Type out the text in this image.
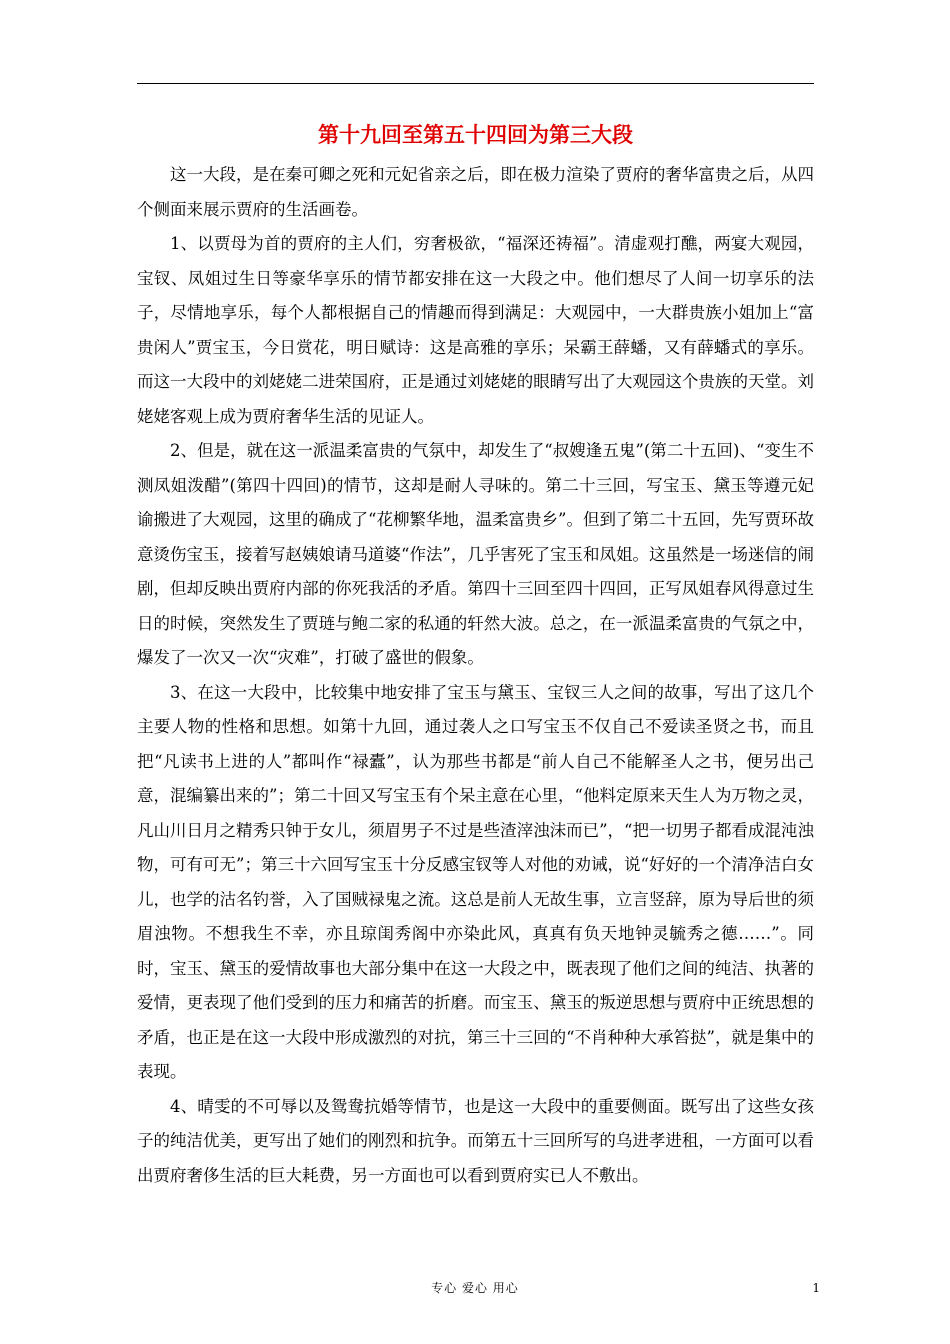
第十九回至第五十四回为第三大段

这一大段，是在秦可卿之死和元妃省亲之后，即在极力渲染了贾府的奢华富贵之后，从四个侧面来展示贾府的生活画卷。

1、以贾母为首的贾府的主人们，穷奢极欲，“福深还祷福”。清虚观打醮，两宴大观园，宝钗、凤姐过生日等豪华享乐的情节都安排在这一大段之中。他们想尽了人间一切享乐的法子，尽情地享乐，每个人都根据自己的情趣而得到满足：大观园中，一大群贵族小姐加上“富贵闲人”贾宝玉，今日赏花，明日赋诗：这是高雅的享乐；呆霸王薛蟠，又有薛蟠式的享乐。而这一大段中的刘姥姥二进荣国府，正是通过刘姥姥的眼睛写出了大观园这个贵族的天堂。刘姥姥客观上成为贾府奢华生活的见证人。

2、但是，就在这一派温柔富贵的气氛中，却发生了“叔嫂逢五鬼”(第二十五回)、“变生不测凤姐泼醋”(第四十四回)的情节，这却是耐人寻味的。第二十三回，写宝玉、黛玉等遵元妃谕搬进了大观园，这里的确成了“花柳繁华地，温柔富贵乡”。但到了第二十五回，先写贾环故意烫伤宝玉，接着写赵姨娘请马道婆“作法”，几乎害死了宝玉和凤姐。这虽然是一场迷信的闹剧，但却反映出贾府内部的你死我活的矛盾。第四十三回至四十四回，正写凤姐春风得意过生日的时候，突然发生了贾琏与鲍二家的私通的轩然大波。总之，在一派温柔富贵的气氛之中，爆发了一次又一次“灾难”，打破了盛世的假象。

3、在这一大段中，比较集中地安排了宝玉与黛玉、宝钗三人之间的故事，写出了这几个主要人物的性格和思想。如第十九回，通过袭人之口写宝玉不仅自己不爱读圣贤之书，而且把“凡读书上进的人”都叫作“禄蠹”，认为那些书都是“前人自己不能解圣人之书，便另出己意，混编纂出来的”；第二十回又写宝玉有个呆主意在心里，“他料定原来天生人为万物之灵，凡山川日月之精秀只钟于女儿，须眉男子不过是些渣滓浊沫而已”，“把一切男子都看成混沌浊物，可有可无”；第三十六回写宝玉十分反感宝钗等人对他的劝诫，说“好好的一个清净洁白女儿，也学的沽名钓誉，入了国贼禄鬼之流。这总是前人无故生事，立言竖辞，原为导后世的须眉浊物。不想我生不幸，亦且琼闺秀阁中亦染此风，真真有负天地钟灵毓秀之德……”。同时，宝玉、黛玉的爱情故事也大部分集中在这一大段之中，既表现了他们之间的纯洁、执著的爱情，更表现了他们受到的压力和痛苦的折磨。而宝玉、黛玉的叛逆思想与贾府中正统思想的矛盾，也正是在这一大段中形成激烈的对抗，第三十三回的“不肖种种大承笞挞”，就是集中的表现。

4、晴雯的不可辱以及鸳鸯抗婚等情节，也是这一大段中的重要侧面。既写出了这些女孩子的纯洁优美，更写出了她们的刚烈和抗争。而第五十三回所写的乌进孝进租，一方面可以看出贾府奢侈生活的巨大耗费，另一方面也可以看到贾府实已人不敷出。

专心 爱心 用心	1
